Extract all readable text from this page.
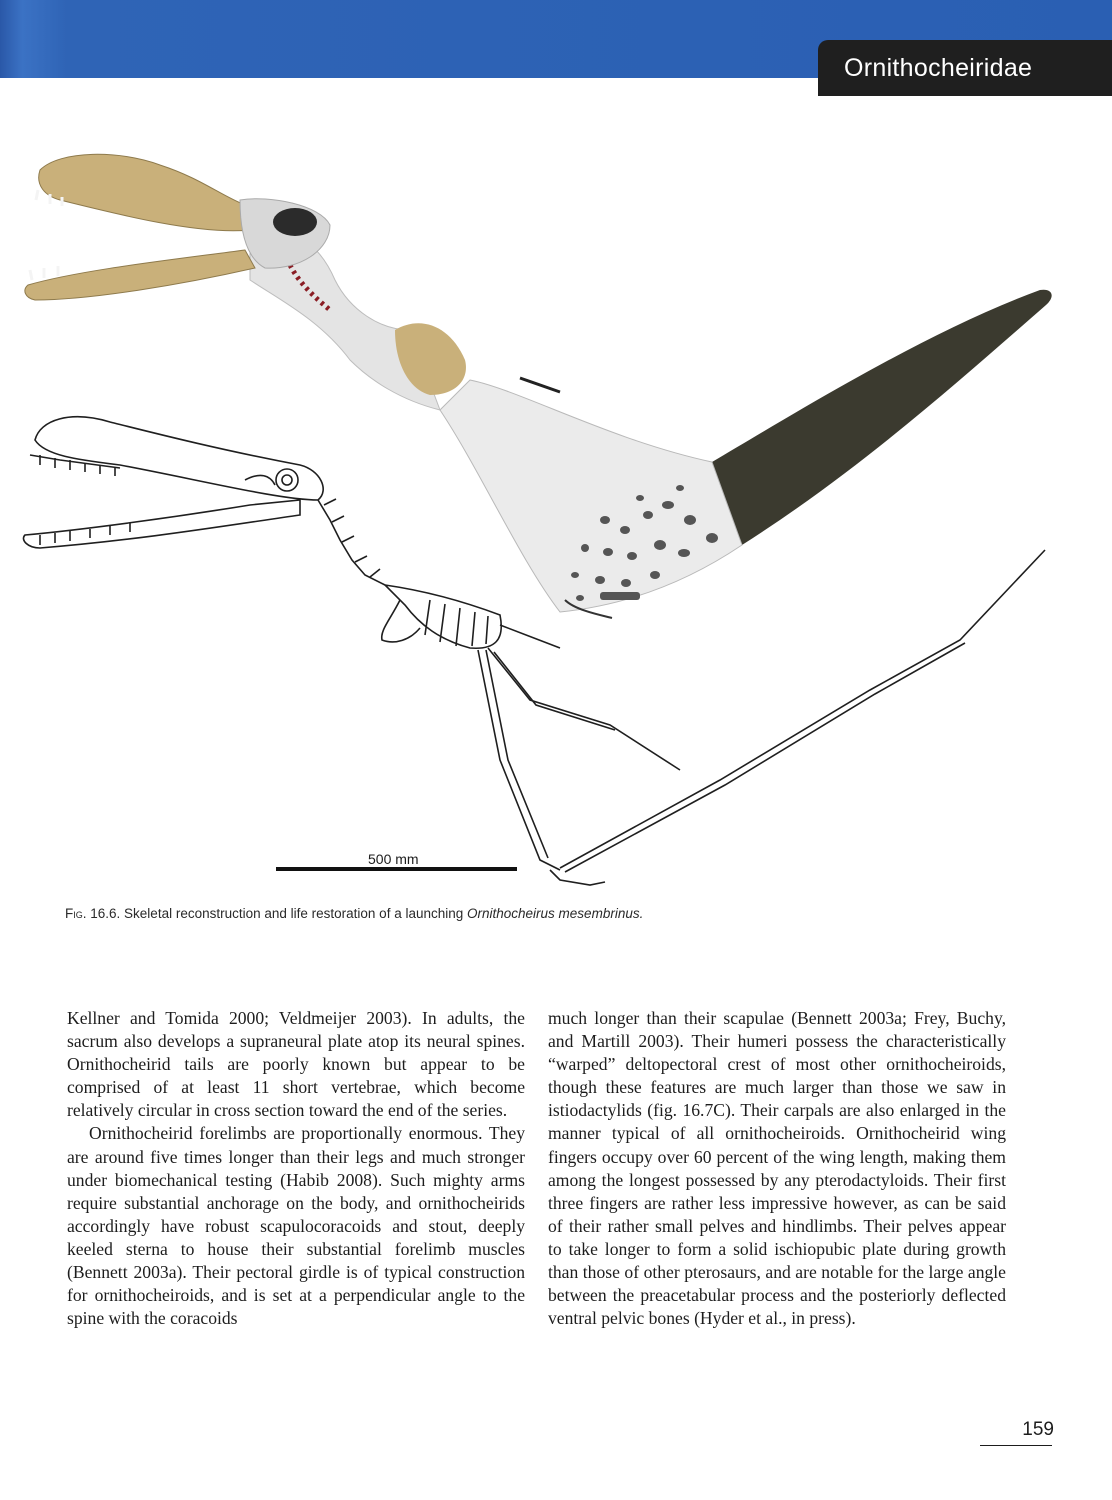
Ornithocheiridae
500 mm
Fig. 16.6. Skeletal reconstruction and life restoration of a launching Ornithocheirus mesembrinus.

Kellner and Tomida 2000; Veldmeijer 2003). In adults, the sacrum also develops a supraneural plate atop its neural spines. Ornithocheirid tails are poorly known but appear to be comprised of at least 11 short vertebrae, which become relatively circular in cross section toward the end of the series.

Ornithocheirid forelimbs are proportionally enormous. They are around five times longer than their legs and much stronger under biomechanical testing (Habib 2008). Such mighty arms require substantial anchorage on the body, and ornithocheirids accordingly have robust scapulocoracoids and stout, deeply keeled sterna to house their substantial forelimb muscles (Bennett 2003a). Their pectoral girdle is of typical construction for ornithocheiroids, and is set at a perpendicular angle to the spine with the coracoids

much longer than their scapulae (Bennett 2003a; Frey, Buchy, and Martill 2003). Their humeri possess the characteristically “warped” deltopectoral crest of most other ornithocheiroids, though these features are much larger than those we saw in istiodactylids (fig. 16.7C). Their carpals are also enlarged in the manner typical of all ornithocheiroids. Ornithocheirid wing fingers occupy over 60 percent of the wing length, making them among the longest possessed by any pterodactyloids. Their first three fingers are rather less impressive however, as can be said of their rather small pelves and hindlimbs. Their pelves appear to take longer to form a solid ischiopubic plate during growth than those of other pterosaurs, and are notable for the large angle between the preacetabular process and the posteriorly deflected ventral pelvic bones (Hyder et al., in press).

159
